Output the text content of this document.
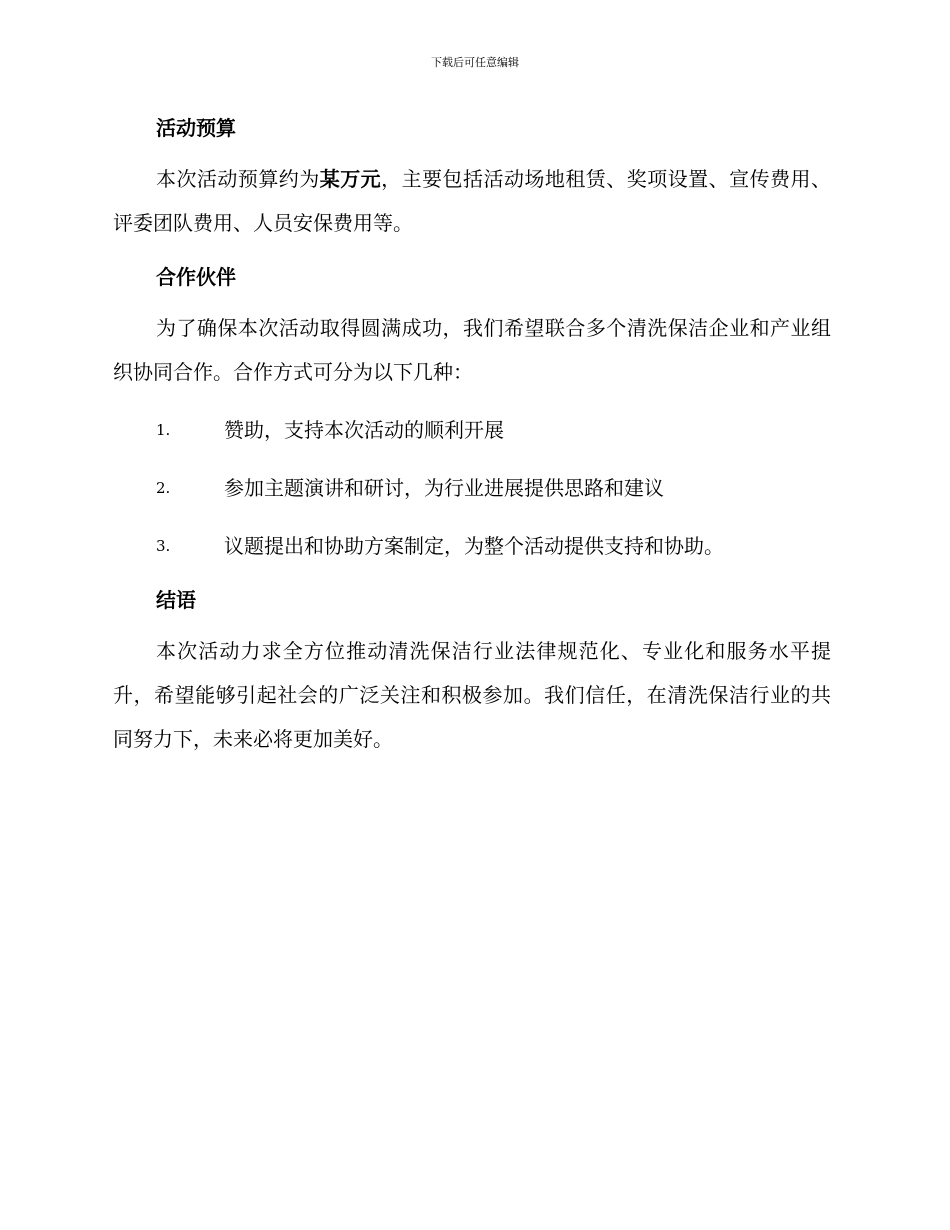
下载后可任意编辑
活动预算

本次活动预算约为某万元，主要包括活动场地租赁、奖项设置、宣传费用、评委团队费用、人员安保费用等。

合作伙伴

为了确保本次活动取得圆满成功，我们希望联合多个清洗保洁企业和产业组织协同合作。合作方式可分为以下几种：

1.	赞助，支持本次活动的顺利开展
2.	参加主题演讲和研讨，为行业进展提供思路和建议
3.	议题提出和协助方案制定，为整个活动提供支持和协助。
结语

本次活动力求全方位推动清洗保洁行业法律规范化、专业化和服务水平提升，希望能够引起社会的广泛关注和积极参加。我们信任，在清洗保洁行业的共同努力下，未来必将更加美好。
